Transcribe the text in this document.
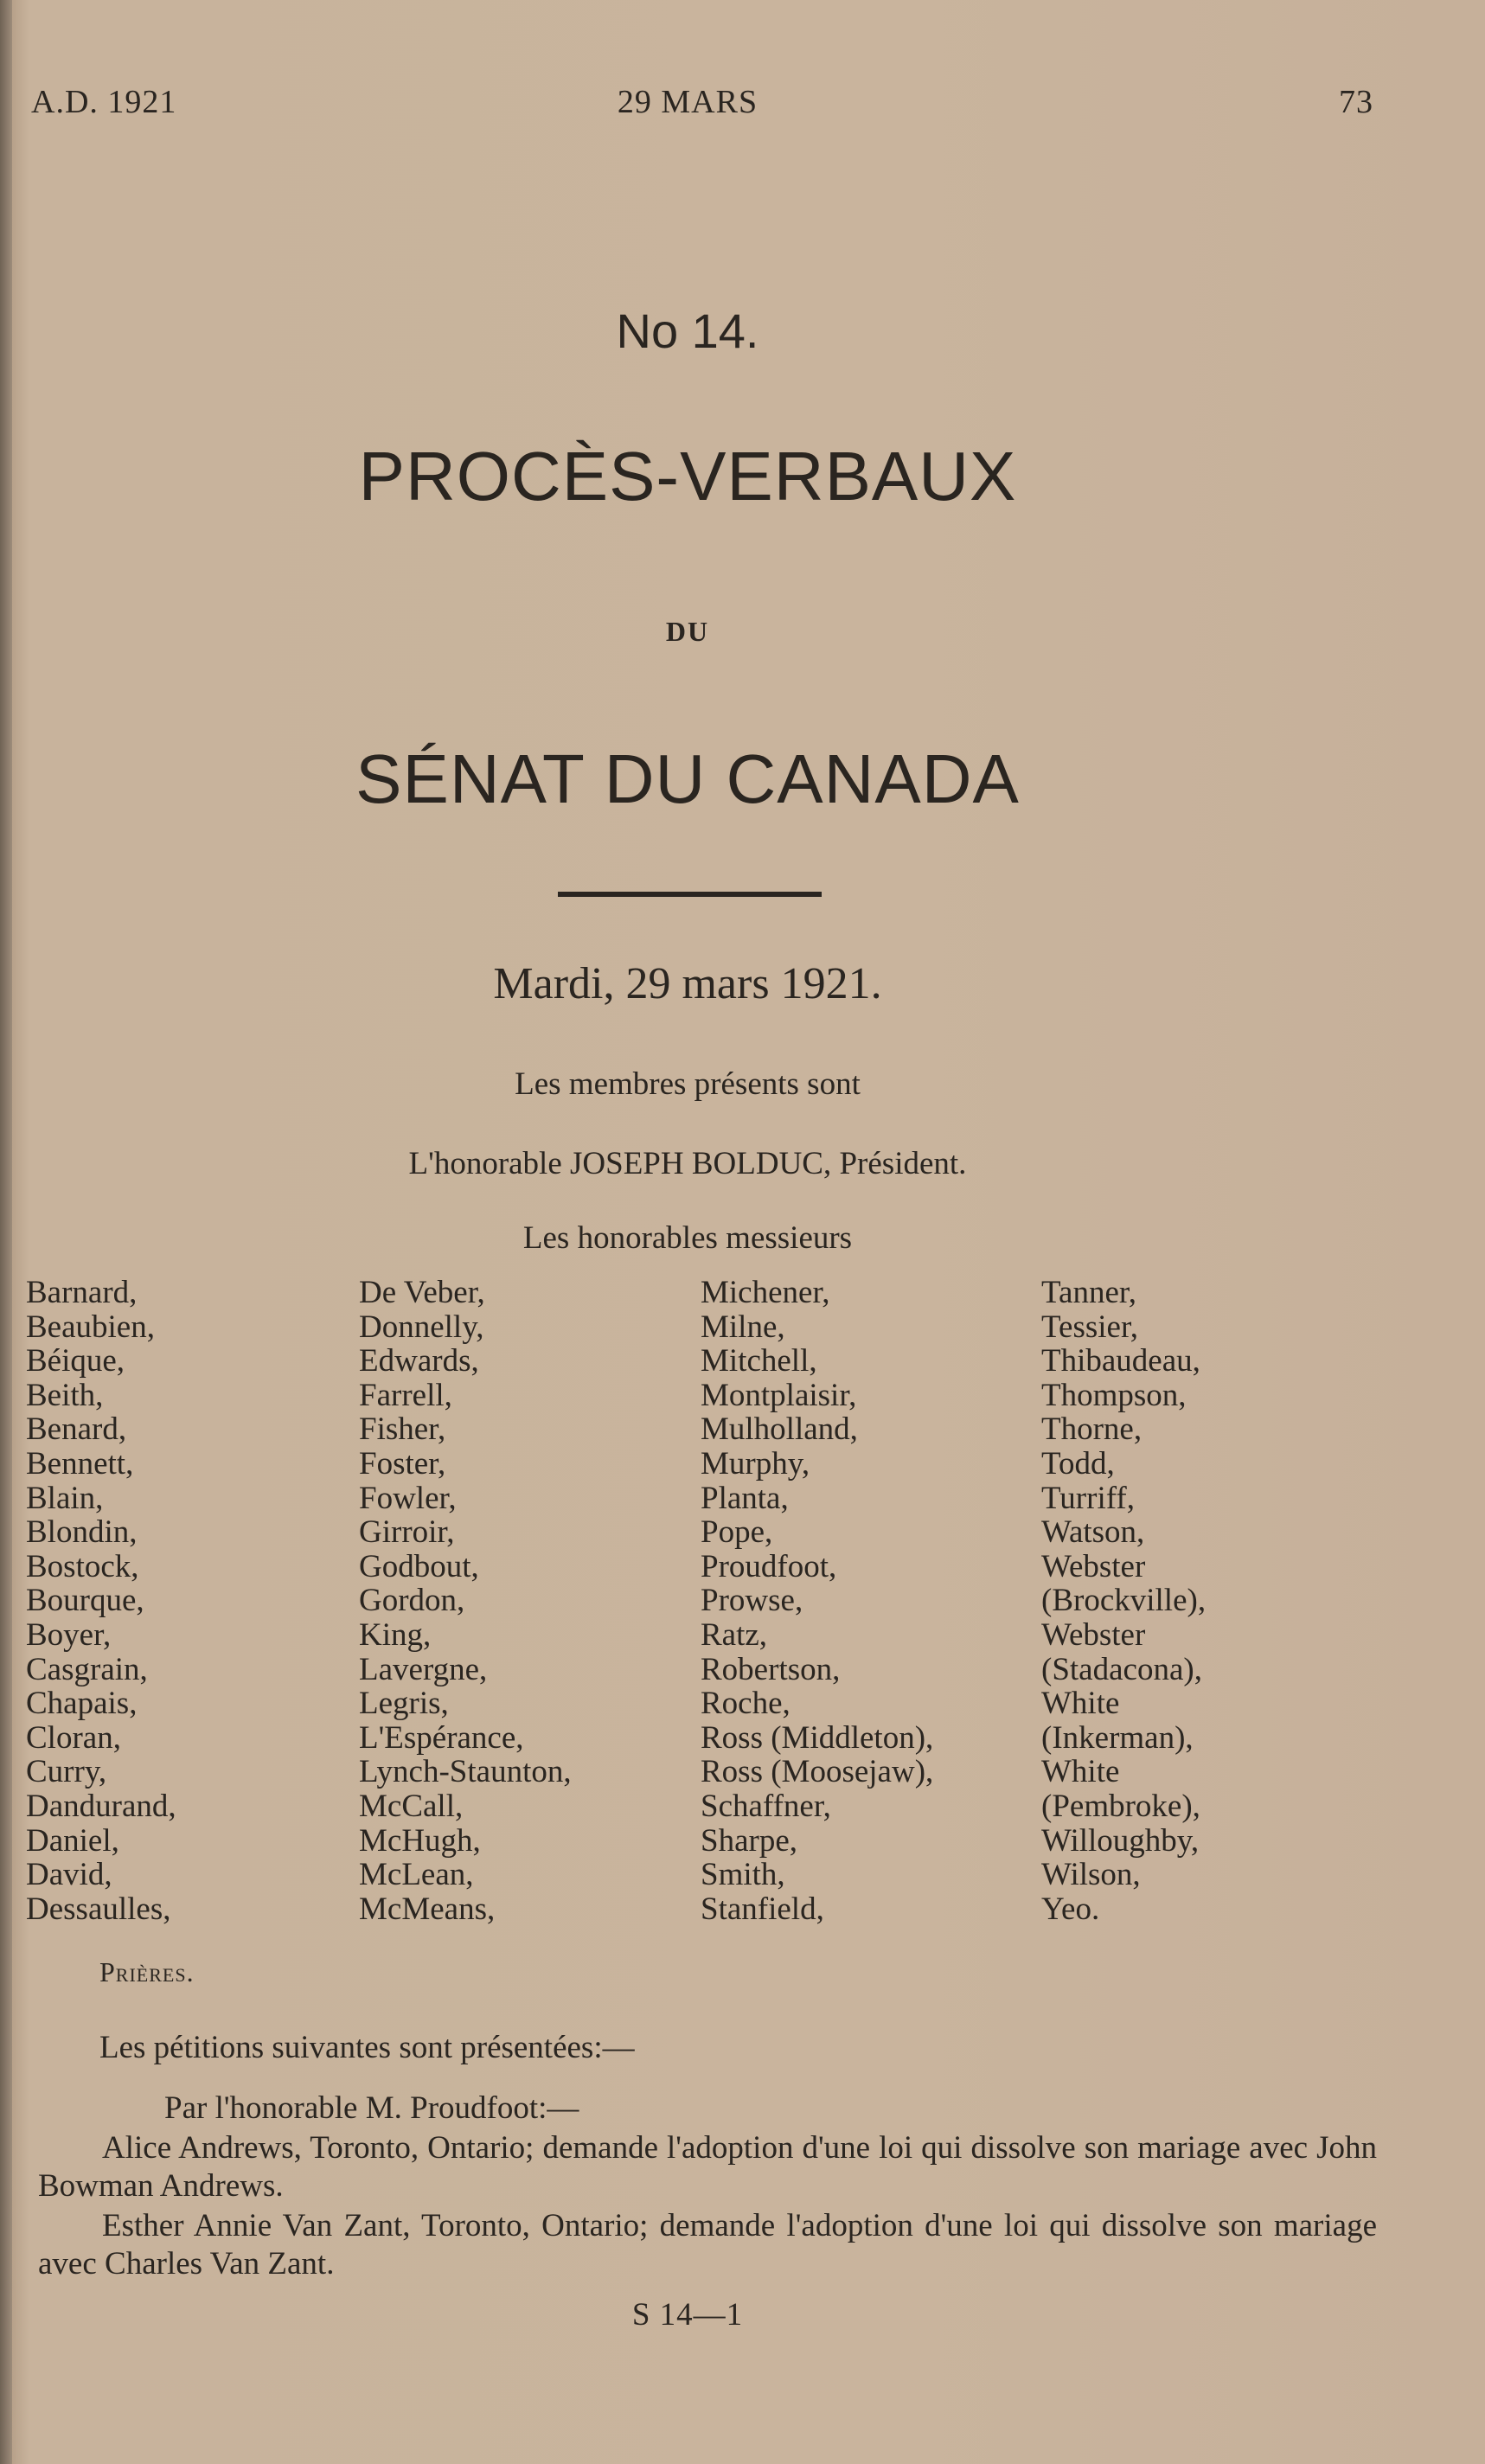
A.D. 1921	29 MARS	73
No 14.
PROCÈS-VERBAUX
DU
SÉNAT DU CANADA
Mardi, 29 mars 1921.
Les membres présents sont
L'honorable JOSEPH BOLDUC, Président.
Les honorables messieurs
Barnard,
Beaubien,
Béique,
Beith,
Benard,
Bennett,
Blain,
Blondin,
Bostock,
Bourque,
Boyer,
Casgrain,
Chapais,
Cloran,
Curry,
Dandurand,
Daniel,
David,
Dessaulles,
De Veber,
Donnelly,
Edwards,
Farrell,
Fisher,
Foster,
Fowler,
Girroir,
Godbout,
Gordon,
King,
Lavergne,
Legris,
L'Espérance,
Lynch-Staunton,
McCall,
McHugh,
McLean,
McMeans,
Michener,
Milne,
Mitchell,
Montplaisir,
Mulholland,
Murphy,
Planta,
Pope,
Proudfoot,
Prowse,
Ratz,
Robertson,
Roche,
Ross (Middleton),
Ross (Moosejaw),
Schaffner,
Sharpe,
Smith,
Stanfield,
Tanner,
Tessier,
Thibaudeau,
Thompson,
Thorne,
Todd,
Turriff,
Watson,
Webster
(Brockville),
Webster
(Stadacona),
White
(Inkerman),
White
(Pembroke),
Willoughby,
Wilson,
Yeo.
Prières.
Les pétitions suivantes sont présentées:—
Par l'honorable M. Proudfoot:—

Alice Andrews, Toronto, Ontario; demande l'adoption d'une loi qui dissolve son mariage avec John Bowman Andrews.

Esther Annie Van Zant, Toronto, Ontario; demande l'adoption d'une loi qui dissolve son mariage avec Charles Van Zant.

S 14—1
